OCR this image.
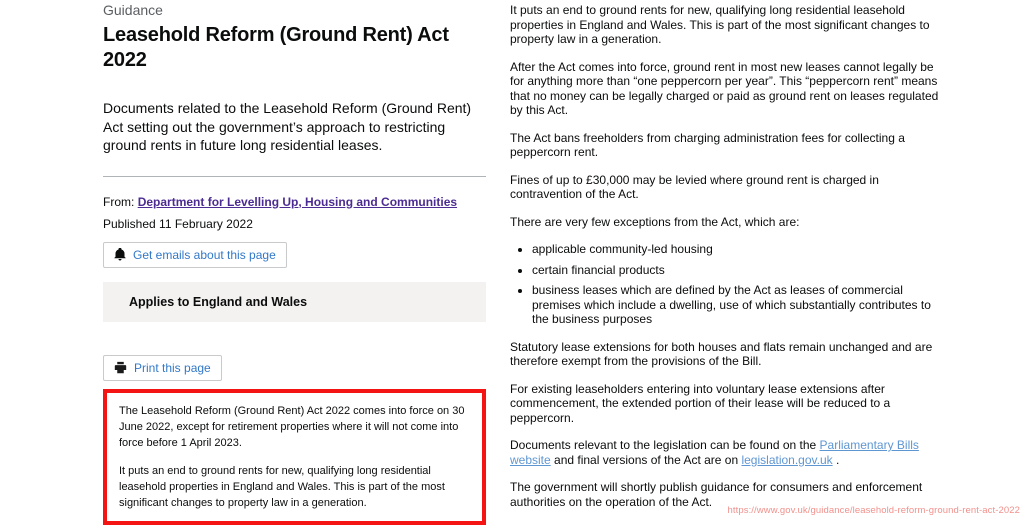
Guidance
Leasehold Reform (Ground Rent) Act 2022

Documents related to the Leasehold Reform (Ground Rent) Act setting out the government’s approach to restricting ground rents in future long residential leases.

From: Department for Levelling Up, Housing and Communities
Published 11 February 2022
Get emails about this page
Applies to England and Wales
Print this page

The Leasehold Reform (Ground Rent) Act 2022 comes into force on 30 June 2022, except for retirement properties where it will not come into force before 1 April 2023.

It puts an end to ground rents for new, qualifying long residential leasehold properties in England and Wales. This is part of the most significant changes to property law in a generation.

It puts an end to ground rents for new, qualifying long residential leasehold properties in England and Wales. This is part of the most significant changes to property law in a generation.

After the Act comes into force, ground rent in most new leases cannot legally be for anything more than “one peppercorn per year”. This “peppercorn rent” means that no money can be legally charged or paid as ground rent on leases regulated by this Act.

The Act bans freeholders from charging administration fees for collecting a peppercorn rent.

Fines of up to £30,000 may be levied where ground rent is charged in contravention of the Act.

There are very few exceptions from the Act, which are:

• applicable community-led housing
• certain financial products
• business leases which are defined by the Act as leases of commercial premises which include a dwelling, use of which substantially contributes to the business purposes

Statutory lease extensions for both houses and flats remain unchanged and are therefore exempt from the provisions of the Bill.

For existing leaseholders entering into voluntary lease extensions after commencement, the extended portion of their lease will be reduced to a peppercorn.

Documents relevant to the legislation can be found on the Parliamentary Bills website and final versions of the Act are on legislation.gov.uk .

The government will shortly publish guidance for consumers and enforcement authorities on the operation of the Act.

https://www.gov.uk/guidance/leasehold-reform-ground-rent-act-2022
